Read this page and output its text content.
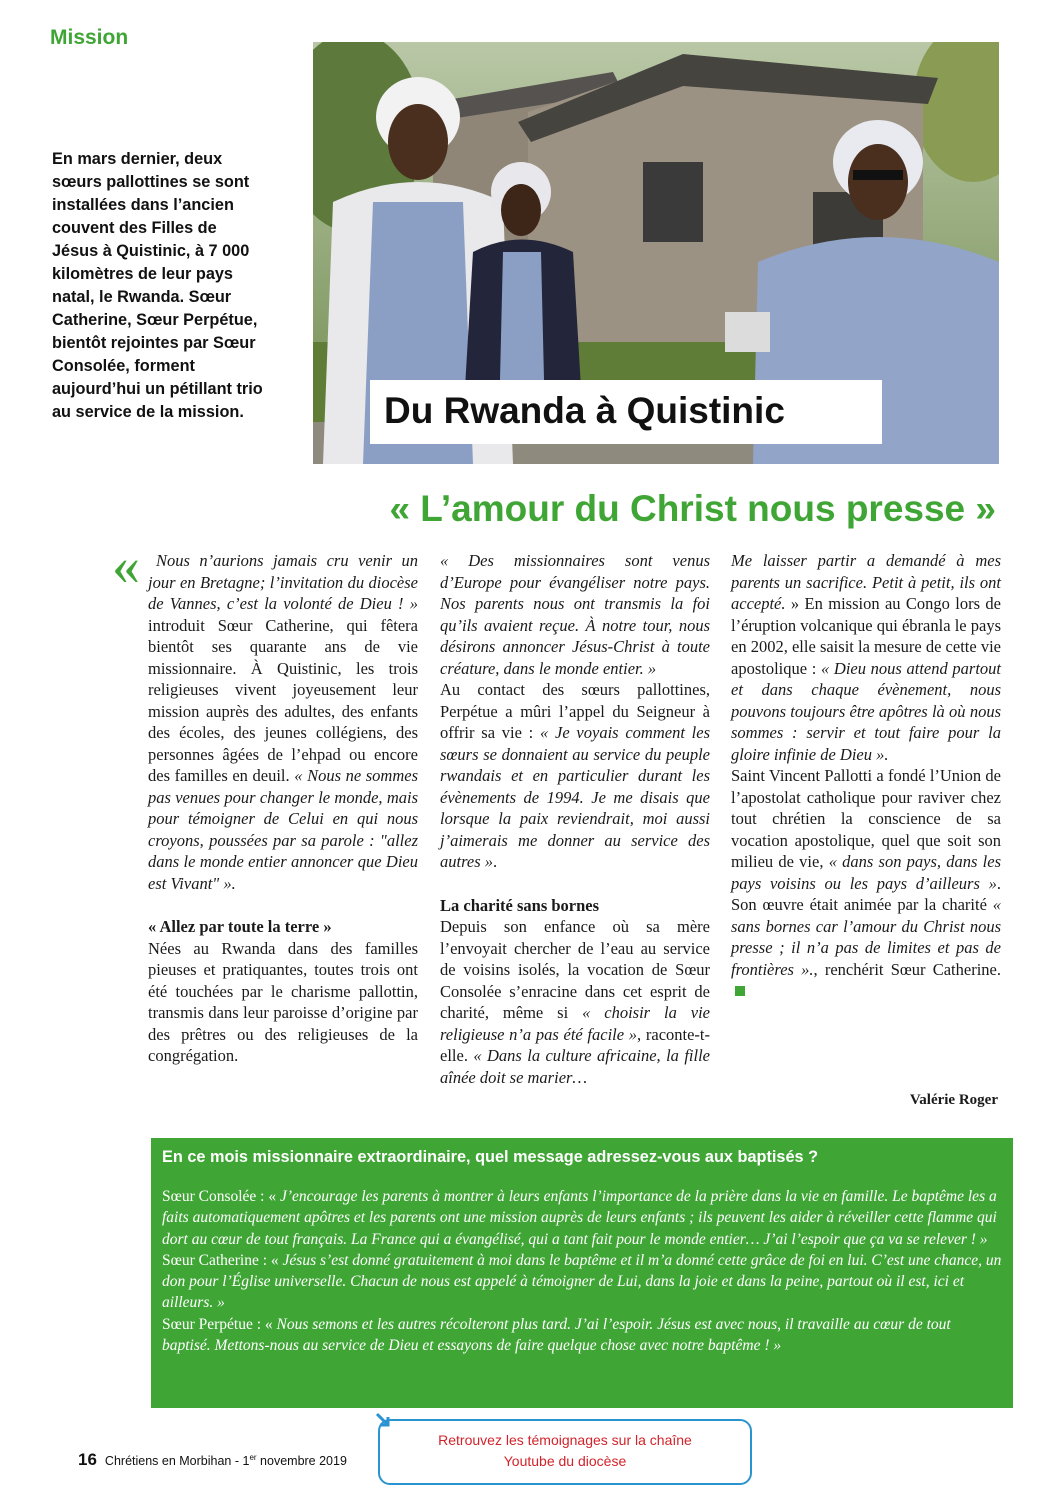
Mission
En mars dernier, deux sœurs pallottines se sont installées dans l’ancien couvent des Filles de Jésus à Quistinic, à 7 000 kilomètres de leur pays natal, le Rwanda. Sœur Catherine, Sœur Perpétue, bientôt rejointes par Sœur Consolée, forment aujourd’hui un pétillant trio au service de la mission.	Du Rwanda à Quistinic
« L’amour du Christ nous presse »
« Nous n’aurions jamais cru venir un jour en Bretagne; l’invitation du diocèse de Vannes, c’est la volonté de Dieu ! » introduit Sœur Catherine, qui fêtera bientôt ses quarante ans de vie missionnaire. À Quistinic, les trois religieuses vivent joyeusement leur mission auprès des adultes, des enfants des écoles, des jeunes collégiens, des personnes âgées de l’ehpad ou encore des familles en deuil. « Nous ne sommes pas venues pour changer le monde, mais pour témoigner de Celui en qui nous croyons, poussées par sa parole : "allez dans le monde entier annoncer que Dieu est Vivant" ».

« Allez par toute la terre »

Nées au Rwanda dans des familles pieuses et pratiquantes, toutes trois ont été touchées par le charisme pallottin, transmis dans leur paroisse d’origine par des prêtres ou des religieuses de la congrégation.

« Des missionnaires sont venus d’Europe pour évangéliser notre pays. Nos parents nous ont transmis la foi qu’ils avaient reçue. À notre tour, nous désirons annoncer Jésus-Christ à toute créature, dans le monde entier. »

Au contact des sœurs pallottines, Perpétue a mûri l’appel du Seigneur à offrir sa vie : « Je voyais comment les sœurs se donnaient au service du peuple rwandais et en particulier durant les évènements de 1994. Je me disais que lorsque la paix reviendrait, moi aussi j’aimerais me donner au service des autres ».

La charité sans bornes

Depuis son enfance où sa mère l’envoyait chercher de l’eau au service de voisins isolés, la vocation de Sœur Consolée s’enracine dans cet esprit de charité, même si « choisir la vie religieuse n’a pas été facile », raconte-t-elle. « Dans la culture africaine, la fille aînée doit se marier…

Me laisser partir a demandé à mes parents un sacrifice. Petit à petit, ils ont accepté. » En mission au Congo lors de l’éruption volcanique qui ébranla le pays en 2002, elle saisit la mesure de cette vie apostolique : « Dieu nous attend partout et dans chaque évènement, nous pouvons toujours être apôtres là où nous sommes : servir et tout faire pour la gloire infinie de Dieu ».

Saint Vincent Pallotti a fondé l’Union de l’apostolat catholique pour raviver chez tout chrétien la conscience de sa vocation apostolique, quel que soit son milieu de vie, « dans son pays, dans les pays voisins ou les pays d’ailleurs ». Son œuvre était animée par la charité « sans bornes car l’amour du Christ nous presse ; il n’a pas de limites et pas de frontières »., renchérit Sœur Catherine.

Valérie Roger
En ce mois missionnaire extraordinaire, quel message adressez-vous aux baptisés ?

Sœur Consolée : « J’encourage les parents à montrer à leurs enfants l’importance de la prière dans la vie en famille. Le baptême les a faits automatiquement apôtres et les parents ont une mission auprès de leurs enfants ; ils peuvent les aider à réveiller cette flamme qui dort au cœur de tout français. La France qui a évangélisé, qui a tant fait pour le monde entier… J’ai l’espoir que ça va se relever ! »

Sœur Catherine : « Jésus s’est donné gratuitement à moi dans le baptême et il m’a donné cette grâce de foi en lui. C’est une chance, un don pour l’Église universelle. Chacun de nous est appelé à témoigner de Lui, dans la joie et dans la peine, partout où il est, ici et ailleurs. »

Sœur Perpétue : « Nous semons et les autres récolteront plus tard. J’ai l’espoir. Jésus est avec nous, il travaille au cœur de tout baptisé. Mettons-nous au service de Dieu et essayons de faire quelque chose avec notre baptême ! »

16 Chrétiens en Morbihan - 1er novembre 2019
Retrouvez les témoignages sur la chaîne
Youtube du diocèse
